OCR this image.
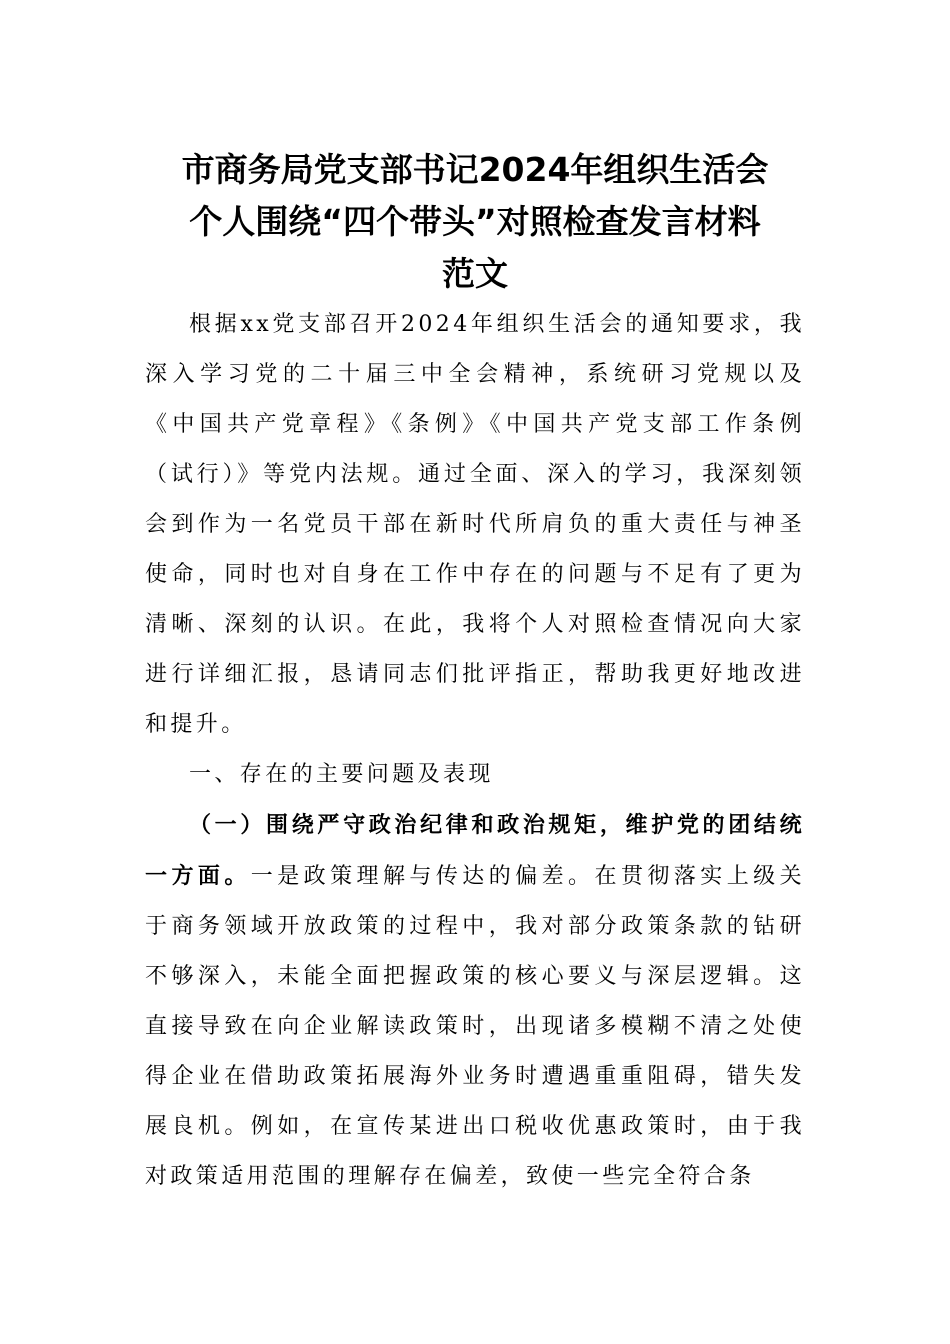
市商务局党支部书记2024年组织生活会
个人围绕“四个带头”对照检查发言材料
范文

根据xx党支部召开2024年组织生活会的通知要求，我深入学习党的二十届三中全会精神，系统研习党规以及《中国共产党章程》《条例》《中国共产党支部工作条例（试行）》等党内法规。通过全面、深入的学习，我深刻领会到作为一名党员干部在新时代所肩负的重大责任与神圣使命，同时也对自身在工作中存在的问题与不足有了更为清晰、深刻的认识。在此，我将个人对照检查情况向大家进行详细汇报，恳请同志们批评指正，帮助我更好地改进和提升。

一、存在的主要问题及表现

（一）围绕严守政治纪律和政治规矩，维护党的团结统一方面。一是政策理解与传达的偏差。在贯彻落实上级关于商务领域开放政策的过程中，我对部分政策条款的钻研不够深入，未能全面把握政策的核心要义与深层逻辑。这直接导致在向企业解读政策时，出现诸多模糊不清之处使得企业在借助政策拓展海外业务时遭遇重重阻碍，错失发展良机。例如，在宣传某进出口税收优惠政策时，由于我对政策适用范围的理解存在偏差，致使一些完全符合条
